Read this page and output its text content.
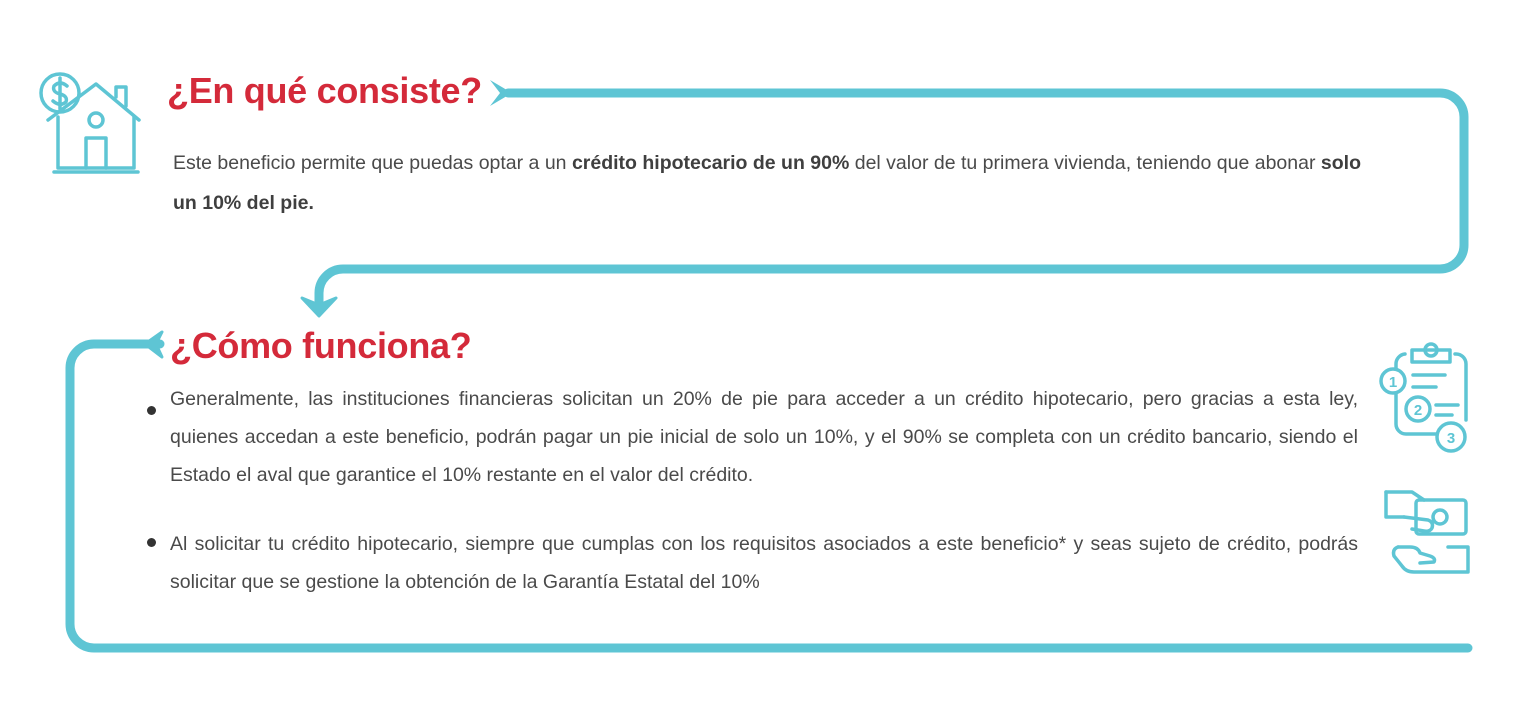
1
2
3
¿En qué consiste?

Este beneficio permite que puedas optar a un crédito hipotecario de un 90% del valor de tu primera vivienda, teniendo que abonar solo un 10% del pie.

¿Cómo funciona?
Generalmente, las instituciones financieras solicitan un 20% de pie para acceder a un crédito hipotecario, pero gracias a esta ley, quienes accedan a este beneficio, podrán pagar un pie inicial de solo un 10%, y el 90% se completa con un crédito bancario, siendo el Estado el aval que garantice el 10% restante en el valor del crédito.
Al solicitar tu crédito hipotecario, siempre que cumplas con los requisitos asociados a este beneficio* y seas sujeto de crédito, podrás solicitar que se gestione la obtención de la Garantía Estatal del 10%
